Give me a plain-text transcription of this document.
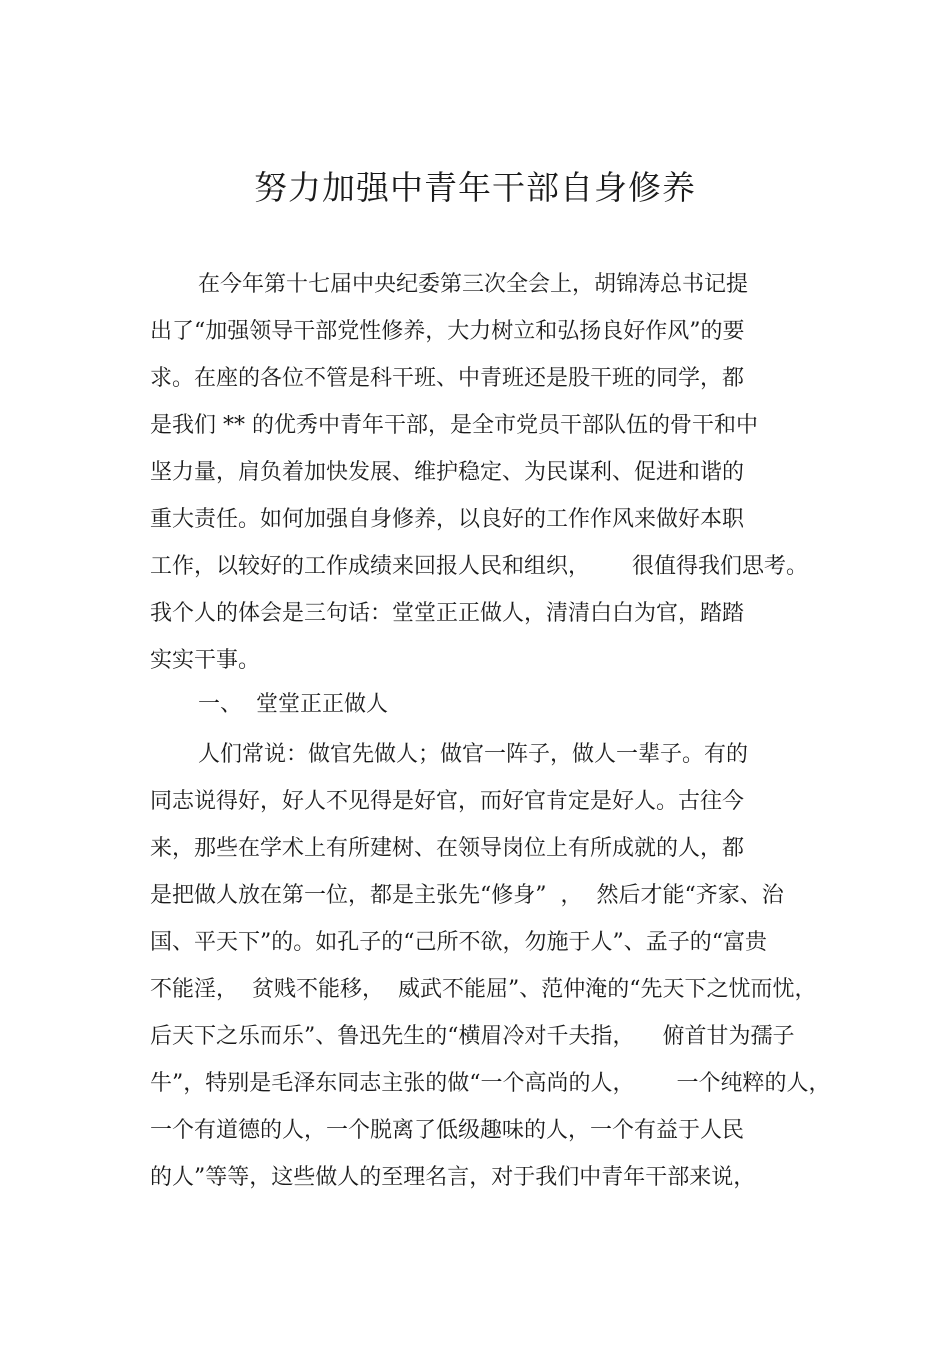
努力加强中青年干部自身修养

在今年第十七届中央纪委第三次全会上，胡锦涛总书记提

出了“加强领导干部党性修养，大力树立和弘扬良好作风”的要

求。在座的各位不管是科干班、中青班还是股干班的同学，都

是我们 ** 的优秀中青年干部，是全市党员干部队伍的骨干和中

坚力量，肩负着加快发展、维护稳定、为民谋利、促进和谐的

重大责任。如何加强自身修养，以良好的工作作风来做好本职

工作，以较好的工作成绩来回报人民和组织，      很值得我们思考。

我个人的体会是三句话：堂堂正正做人，清清白白为官，踏踏

实实干事。

一、  堂堂正正做人

人们常说：做官先做人；做官一阵子，做人一辈子。有的

同志说得好，好人不见得是好官，而好官肯定是好人。古往今

来，那些在学术上有所建树、在领导岗位上有所成就的人，都

是把做人放在第一位，都是主张先“修身”  ，  然后才能“齐家、治

国、平天下”的。如孔子的“己所不欲，勿施于人”、孟子的“富贵

不能淫，  贫贱不能移，  威武不能屈”、范仲淹的“先天下之忧而忧，

后天下之乐而乐”、鲁迅先生的“横眉冷对千夫指，    俯首甘为孺子

牛”，特别是毛泽东同志主张的做“一个高尚的人，      一个纯粹的人，

一个有道德的人，一个脱离了低级趣味的人，一个有益于人民

的人”等等，这些做人的至理名言，对于我们中青年干部来说，
